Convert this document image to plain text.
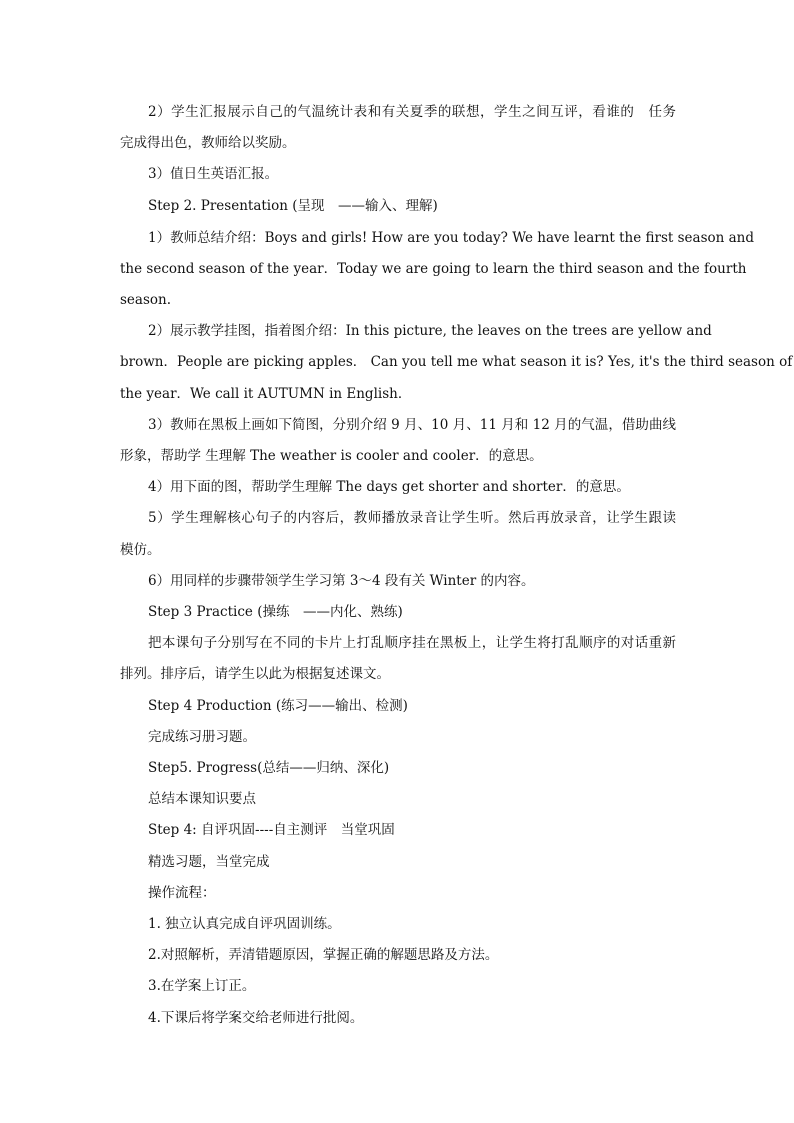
2）学生汇报展示自己的气温统计表和有关夏季的联想，学生之间互评，看谁的　任务
完成得出色，教师给以奖励。
3）值日生英语汇报。
Step 2. Presentation (呈现　——输入、理解)
1）教师总结介绍：Boys and girls! How are you today? We have learnt the first season and
the second season of the year．Today we are going to learn the third season and the fourth
season.
2）展示教学挂图，指着图介绍：In this picture, the leaves on the trees are yellow and
brown．People are picking apples． Can you tell me what season it is? Yes, it's the third season of
the year．We call it AUTUMN in English．
3）教师在黑板上画如下简图，分别介绍 9 月、10 月、11 月和 12 月的气温，借助曲线
形象，帮助学 生理解 The weather is cooler and cooler．的意思。
4）用下面的图，帮助学生理解 The days get shorter and shorter．的意思。
5）学生理解核心句子的内容后，教师播放录音让学生听。然后再放录音，让学生跟读
模仿。
6）用同样的步骤带领学生学习第 3～4 段有关 Winter 的内容。
Step 3 Practice (操练　——内化、熟练)
把本课句子分别写在不同的卡片上打乱顺序挂在黑板上，让学生将打乱顺序的对话重新
排列。排序后，请学生以此为根据复述课文。
Step 4 Production (练习——输出、检测)
完成练习册习题。
Step5. Progress(总结——归纳、深化)
总结本课知识要点
Step 4: 自评巩固----自主测评　当堂巩固
精选习题，当堂完成
操作流程：
1. 独立认真完成自评巩固训练。
2.对照解析，弄清错题原因，掌握正确的解题思路及方法。
3.在学案上订正。
4.下课后将学案交给老师进行批阅。
